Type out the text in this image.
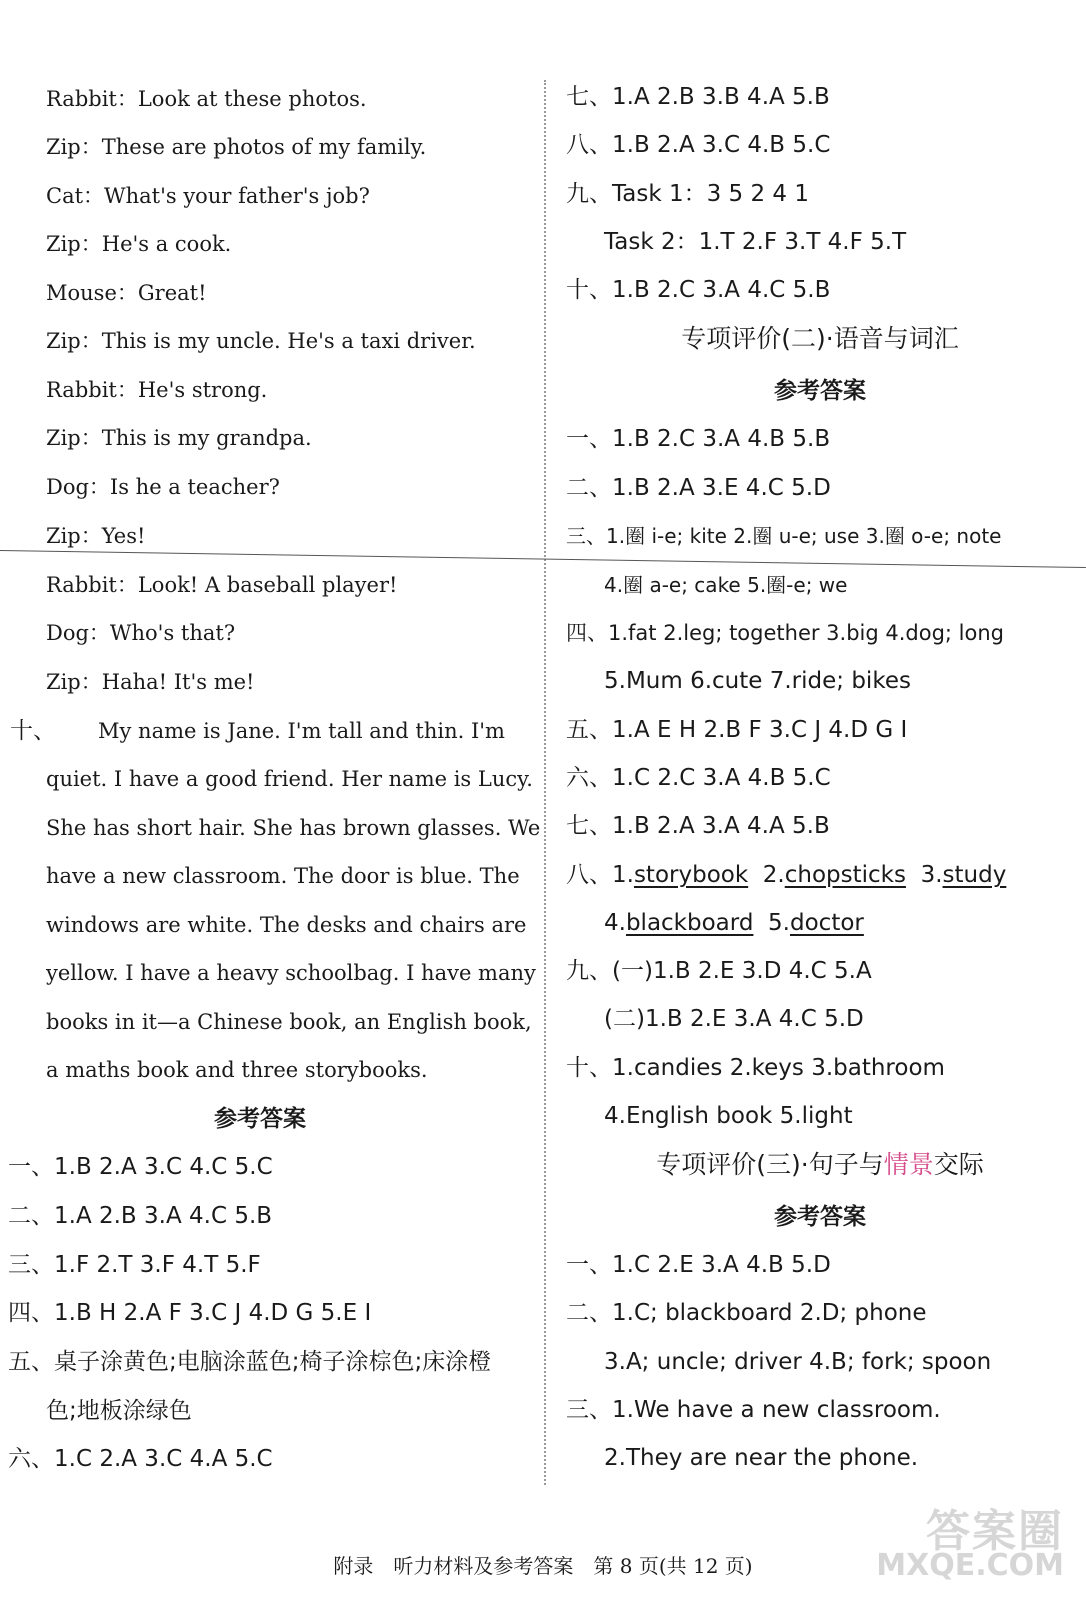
Rabbit：Look at these photos.
Zip：These are photos of my family.
Cat：What's your father's job?
Zip：He's a cook.
Mouse：Great!
Zip：This is my uncle. He's a taxi driver.
Rabbit：He's strong.
Zip：This is my grandpa.
Dog：Is he a teacher?
Zip：Yes!
Rabbit：Look! A baseball player!
Dog：Who's that?
Zip：Haha! It's me!
十、 My name is Jane. I'm tall and thin. I'm
quiet. I have a good friend. Her name is Lucy.
She has short hair. She has brown glasses. We
have a new classroom. The door is blue. The
windows are white. The desks and chairs are
yellow. I have a heavy schoolbag. I have many
books in it—a Chinese book, an English book,
a maths book and three storybooks.
参考答案
一、1.B 2.A 3.C 4.C 5.C
二、1.A 2.B 3.A 4.C 5.B
三、1.F 2.T 3.F 4.T 5.F
四、1.B H 2.A F 3.C J 4.D G 5.E I
五、桌子涂黄色;电脑涂蓝色;椅子涂棕色;床涂橙
色;地板涂绿色
六、1.C 2.A 3.C 4.A 5.C
七、1.A 2.B 3.B 4.A 5.B
八、1.B 2.A 3.C 4.B 5.C
九、Task 1：3 5 2 4 1
Task 2：1.T 2.F 3.T 4.F 5.T
十、1.B 2.C 3.A 4.C 5.B
专项评价(二)·语音与词汇
参考答案
一、1.B 2.C 3.A 4.B 5.B
二、1.B 2.A 3.E 4.C 5.D
三、1.圈 i-e; kite 2.圈 u-e; use 3.圈 o-e; note
4.圈 a-e; cake 5.圈-e; we
四、1.fat 2.leg; together 3.big 4.dog; long
5.Mum 6.cute 7.ride; bikes
五、1.A E H 2.B F 3.C J 4.D G I
六、1.C 2.C 3.A 4.B 5.C
七、1.B 2.A 3.A 4.A 5.B
八、1.storybook 2.chopsticks 3.study
4.blackboard 5.doctor
九、(一)1.B 2.E 3.D 4.C 5.A
(二)1.B 2.E 3.A 4.C 5.D
十、1.candies 2.keys 3.bathroom
4.English book 5.light
专项评价(三)·句子与情景交际
参考答案
一、1.C 2.E 3.A 4.B 5.D
二、1.C; blackboard 2.D; phone
3.A; uncle; driver 4.B; fork; spoon
三、1.We have a new classroom.
2.They are near the phone.
附录　听力材料及参考答案　第 8 页(共 12 页)
答案圈
MXQE.COM
